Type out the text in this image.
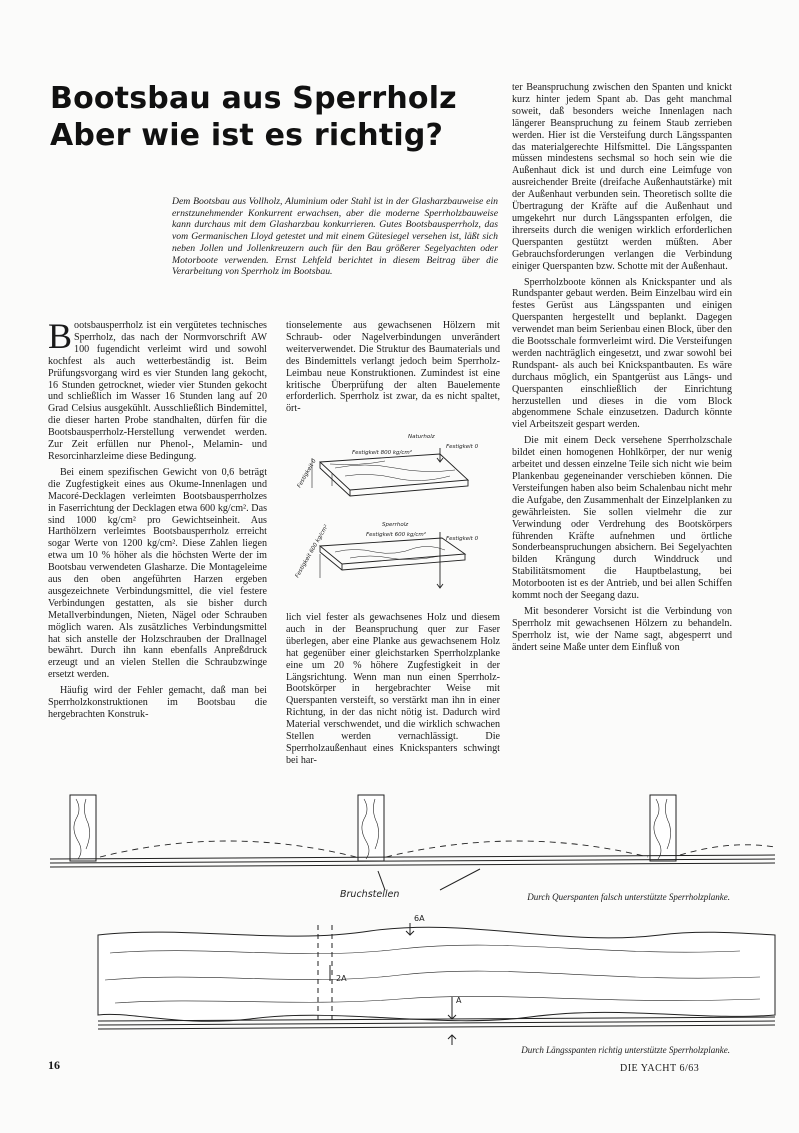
Bootsbau aus Sperrholz
Aber wie ist es richtig?
Dem Bootsbau aus Vollholz, Aluminium oder Stahl ist in der Glasharzbauweise ein ernstzunehmender Konkurrent erwachsen, aber die moderne Sperrholzbauweise kann durchaus mit dem Glasharzbau konkurrieren. Gutes Bootsbausperrholz, das vom Germanischen Lloyd getestet und mit einem Gütesiegel versehen ist, läßt sich neben Jollen und Jollenkreuzern auch für den Bau größerer Segelyachten oder Motorboote verwenden. Ernst Lehfeld berichtet in diesem Beitrag über die Verarbeitung von Sperrholz im Bootsbau.

Bootsbausperrholz ist ein vergütetes technisches Sperrholz, das nach der Normvorschrift AW 100 fugendicht verleimt wird und sowohl kochfest als auch wetterbeständig ist. Beim Prüfungsvorgang wird es vier Stunden lang gekocht, 16 Stunden getrocknet, wieder vier Stunden gekocht und schließlich im Wasser 16 Stunden lang auf 20 Grad Celsius ausgekühlt. Ausschließlich Bindemittel, die dieser harten Probe standhalten, dürfen für die Bootsbausperrholz-Herstellung verwendet werden. Zur Zeit erfüllen nur Phenol-, Melamin- und Resorcinharzleime diese Bedingung.

Bei einem spezifischen Gewicht von 0,6 beträgt die Zugfestigkeit eines aus Okume-Innenlagen und Macoré-Decklagen verleimten Bootsbausperrholzes in Faserrichtung der Decklagen etwa 600 kg/cm². Das sind 1000 kg/cm² pro Gewichtseinheit. Aus Harthölzern verleimtes Bootsbausperrholz erreicht sogar Werte von 1200 kg/cm². Diese Zahlen liegen etwa um 10 % höher als die höchsten Werte der im Bootsbau verwendeten Glasharze. Die Montageleime aus den oben angeführten Harzen ergeben ausgezeichnete Verbindungsmittel, die viel festere Verbindungen gestatten, als sie bisher durch Metallverbindungen, Nieten, Nägel oder Schrauben möglich waren. Als zusätzliches Verbindungsmittel hat sich anstelle der Holzschrauben der Drallnagel bewährt. Durch ihn kann ebenfalls Anpreßdruck erzeugt und an vielen Stellen die Schraubzwinge ersetzt werden.

Häufig wird der Fehler gemacht, daß man bei Sperrholzkonstruktionen im Bootsbau die hergebrachten Konstruk-

tionselemente aus gewachsenen Hölzern mit Schraub- oder Nagelverbindungen unverändert weiterverwendet. Die Struktur des Baumaterials und des Bindemittels verlangt jedoch beim Sperrholz-Leimbau neue Konstruktionen. Zumindest ist eine kritische Überprüfung der alten Bauelemente erforderlich. Sperrholz ist zwar, da es nicht spaltet, ört-

Naturholz
Festigkeit 800 kg/cm²
Festigkeit 0
Festigkeit 0
Sperrholz
Festigkeit 600 kg/cm²
Festigkeit 0
Festigkeit 600 kg/cm²

lich viel fester als gewachsenes Holz und diesem auch in der Beanspruchung quer zur Faser überlegen, aber eine Planke aus gewachsenem Holz hat gegenüber einer gleichstarken Sperrholzplanke eine um 20 % höhere Zugfestigkeit in der Längsrichtung. Wenn man nun einen Sperrholz-Bootskörper in hergebrachter Weise mit Querspanten versteift, so verstärkt man ihn in einer Richtung, in der das nicht nötig ist. Dadurch wird Material verschwendet, und die wirklich schwachen Stellen werden vernachlässigt. Die Sperrholzaußenhaut eines Knickspanters schwingt bei har-

ter Beanspruchung zwischen den Spanten und knickt kurz hinter jedem Spant ab. Das geht manchmal soweit, daß besonders weiche Innenlagen nach längerer Beanspruchung zu feinem Staub zerrieben werden. Hier ist die Versteifung durch Längsspanten das materialgerechte Hilfsmittel. Die Längsspanten müssen mindestens sechsmal so hoch sein wie die Außenhaut dick ist und durch eine Leimfuge von ausreichender Breite (dreifache Außenhautstärke) mit der Außenhaut verbunden sein. Theoretisch sollte die Übertragung der Kräfte auf die Außenhaut und umgekehrt nur durch Längsspanten erfolgen, die ihrerseits durch die wenigen wirklich erforderlichen Querspanten gestützt werden müßten. Aber Gebrauchsforderungen verlangen die Verbindung einiger Querspanten bzw. Schotte mit der Außenhaut.

Sperrholzboote können als Knickspanter und als Rundspanter gebaut werden. Beim Einzelbau wird ein festes Gerüst aus Längsspanten und einigen Querspanten hergestellt und beplankt. Dagegen verwendet man beim Serienbau einen Block, über den die Bootsschale formverleimt wird. Die Versteifungen werden nachträglich eingesetzt, und zwar sowohl bei Rundspant- als auch bei Knickspantbauten. Es wäre durchaus möglich, ein Spantgerüst aus Längs- und Querspanten einschließlich der Einrichtung herzustellen und dieses in die vom Block abgenommene Schale einzusetzen. Dadurch könnte viel Arbeitszeit gespart werden.

Die mit einem Deck versehene Sperrholzschale bildet einen homogenen Hohlkörper, der nur wenig arbeitet und dessen einzelne Teile sich nicht wie beim Plankenbau gegeneinander verschieben können. Die Versteifungen haben also beim Schalenbau nicht mehr die Aufgabe, den Zusammenhalt der Einzelplanken zu gewährleisten. Sie sollen vielmehr die zur Verwindung oder Verdrehung des Bootskörpers führenden Kräfte aufnehmen und örtliche Sonderbeanspruchungen absichern. Bei Segelyachten bilden Krängung durch Winddruck und Stabilitätsmoment die Hauptbelastung, bei Motorbooten ist es der Antrieb, und bei allen Schiffen kommt noch der Seegang dazu.

Mit besonderer Vorsicht ist die Verbindung von Sperrholz mit gewachsenen Hölzern zu behandeln. Sperrholz ist, wie der Name sagt, abgesperrt und ändert seine Maße unter dem Einfluß von

Bruchstellen
6A
2A
A
Durch Querspanten falsch unterstützte Sperrholzplanke.
Durch Längsspanten richtig unterstützte Sperrholzplanke.
16	DIE YACHT 6/63
